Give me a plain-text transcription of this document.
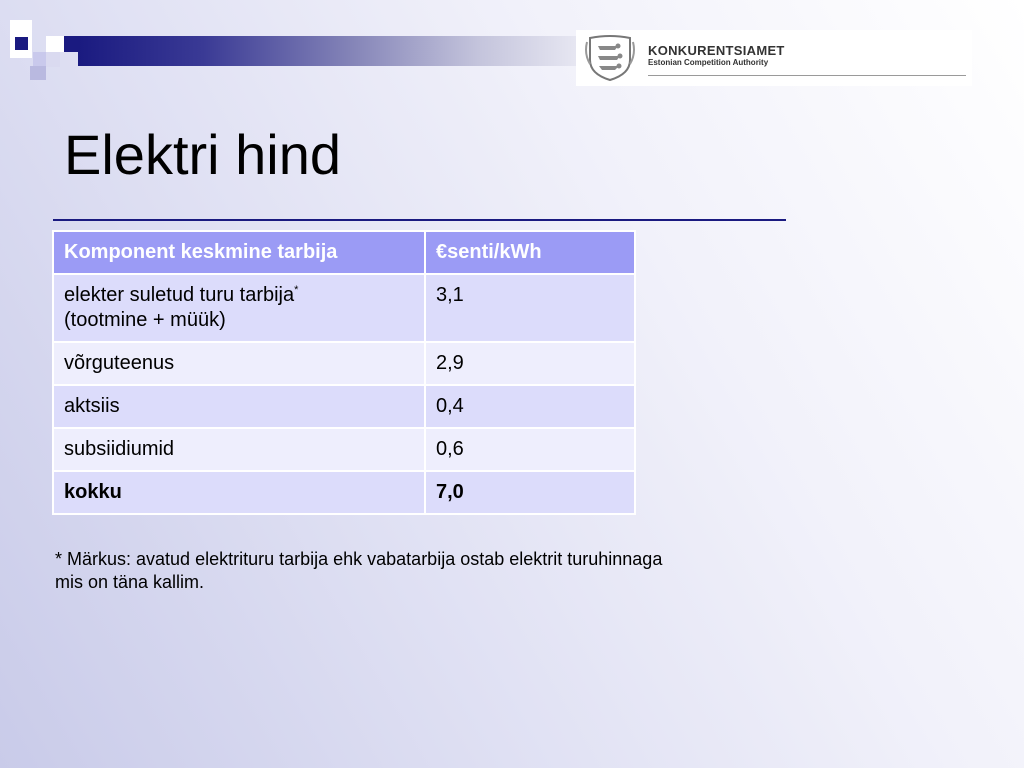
KONKURENTSIAMET
Estonian Competition Authority
Elektri hind
Komponent keskmine tarbija	€senti/kWh
elekter suletud turu tarbija*
(tootmine + müük)	3,1
võrguteenus	2,9
aktsiis	0,4
subsiidiumid	0,6
kokku	7,0

* Märkus: avatud elektrituru tarbija ehk vabatarbija ostab elektrit turuhinnaga
mis on täna kallim.
